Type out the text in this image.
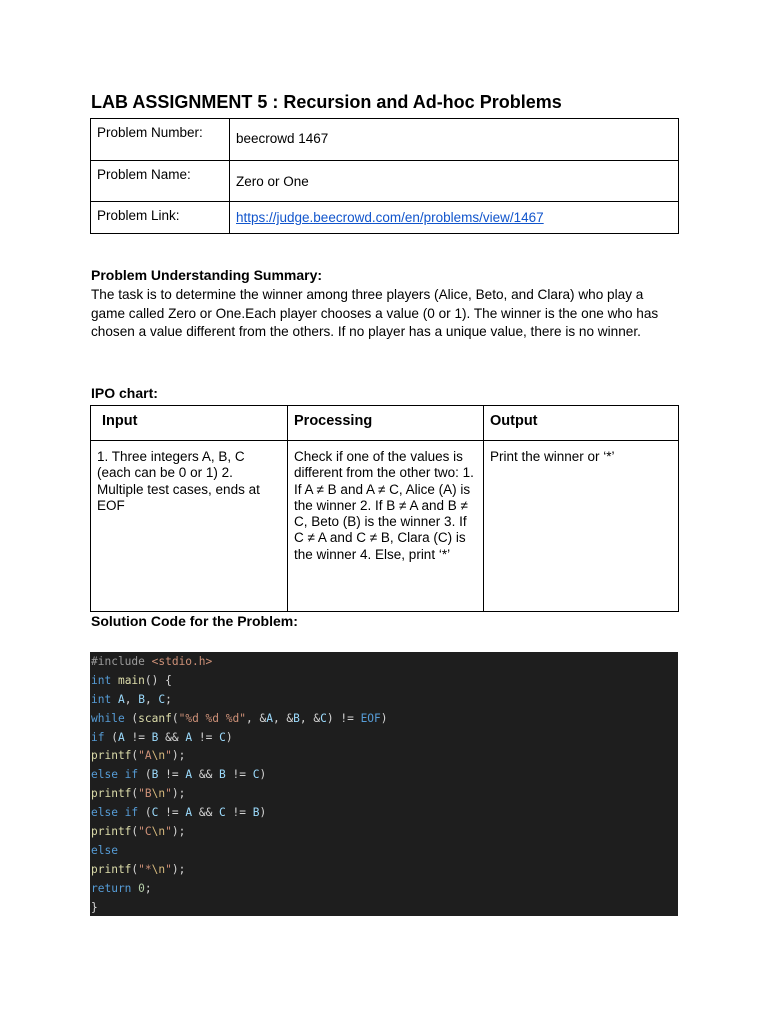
LAB ASSIGNMENT 5 : Recursion and Ad-hoc Problems
Problem Number:	beecrowd 1467
Problem Name:	Zero or One
Problem Link:	https://judge.beecrowd.com/en/problems/view/1467
Problem Understanding Summary:
The task is to determine the winner among three players (Alice, Beto, and Clara) who play a game called Zero or One.Each player chooses a value (0 or 1). The winner is the one who has chosen a value different from the others. If no player has a unique value, there is no winner.
IPO chart:
Input	Processing	Output
1. Three integers A, B, C (each can be 0 or 1) 2. Multiple test cases, ends at EOF	Check if one of the values is different from the other two: 1. If A ≠ B and A ≠ C, Alice (A) is the winner 2. If B ≠ A and B ≠ C, Beto (B) is the winner 3. If C ≠ A and C ≠ B, Clara (C) is the winner 4. Else, print ‘*’	Print the winner or ‘*’
Solution Code for the Problem:
#include <stdio.h>
int main() {
int A, B, C;
while (scanf("%d %d %d", &A, &B, &C) != EOF)
if (A != B && A != C)
printf("A\n");
else if (B != A && B != C)
printf("B\n");
else if (C != A && C != B)
printf("C\n");
else
printf("*\n");
return 0;
}
